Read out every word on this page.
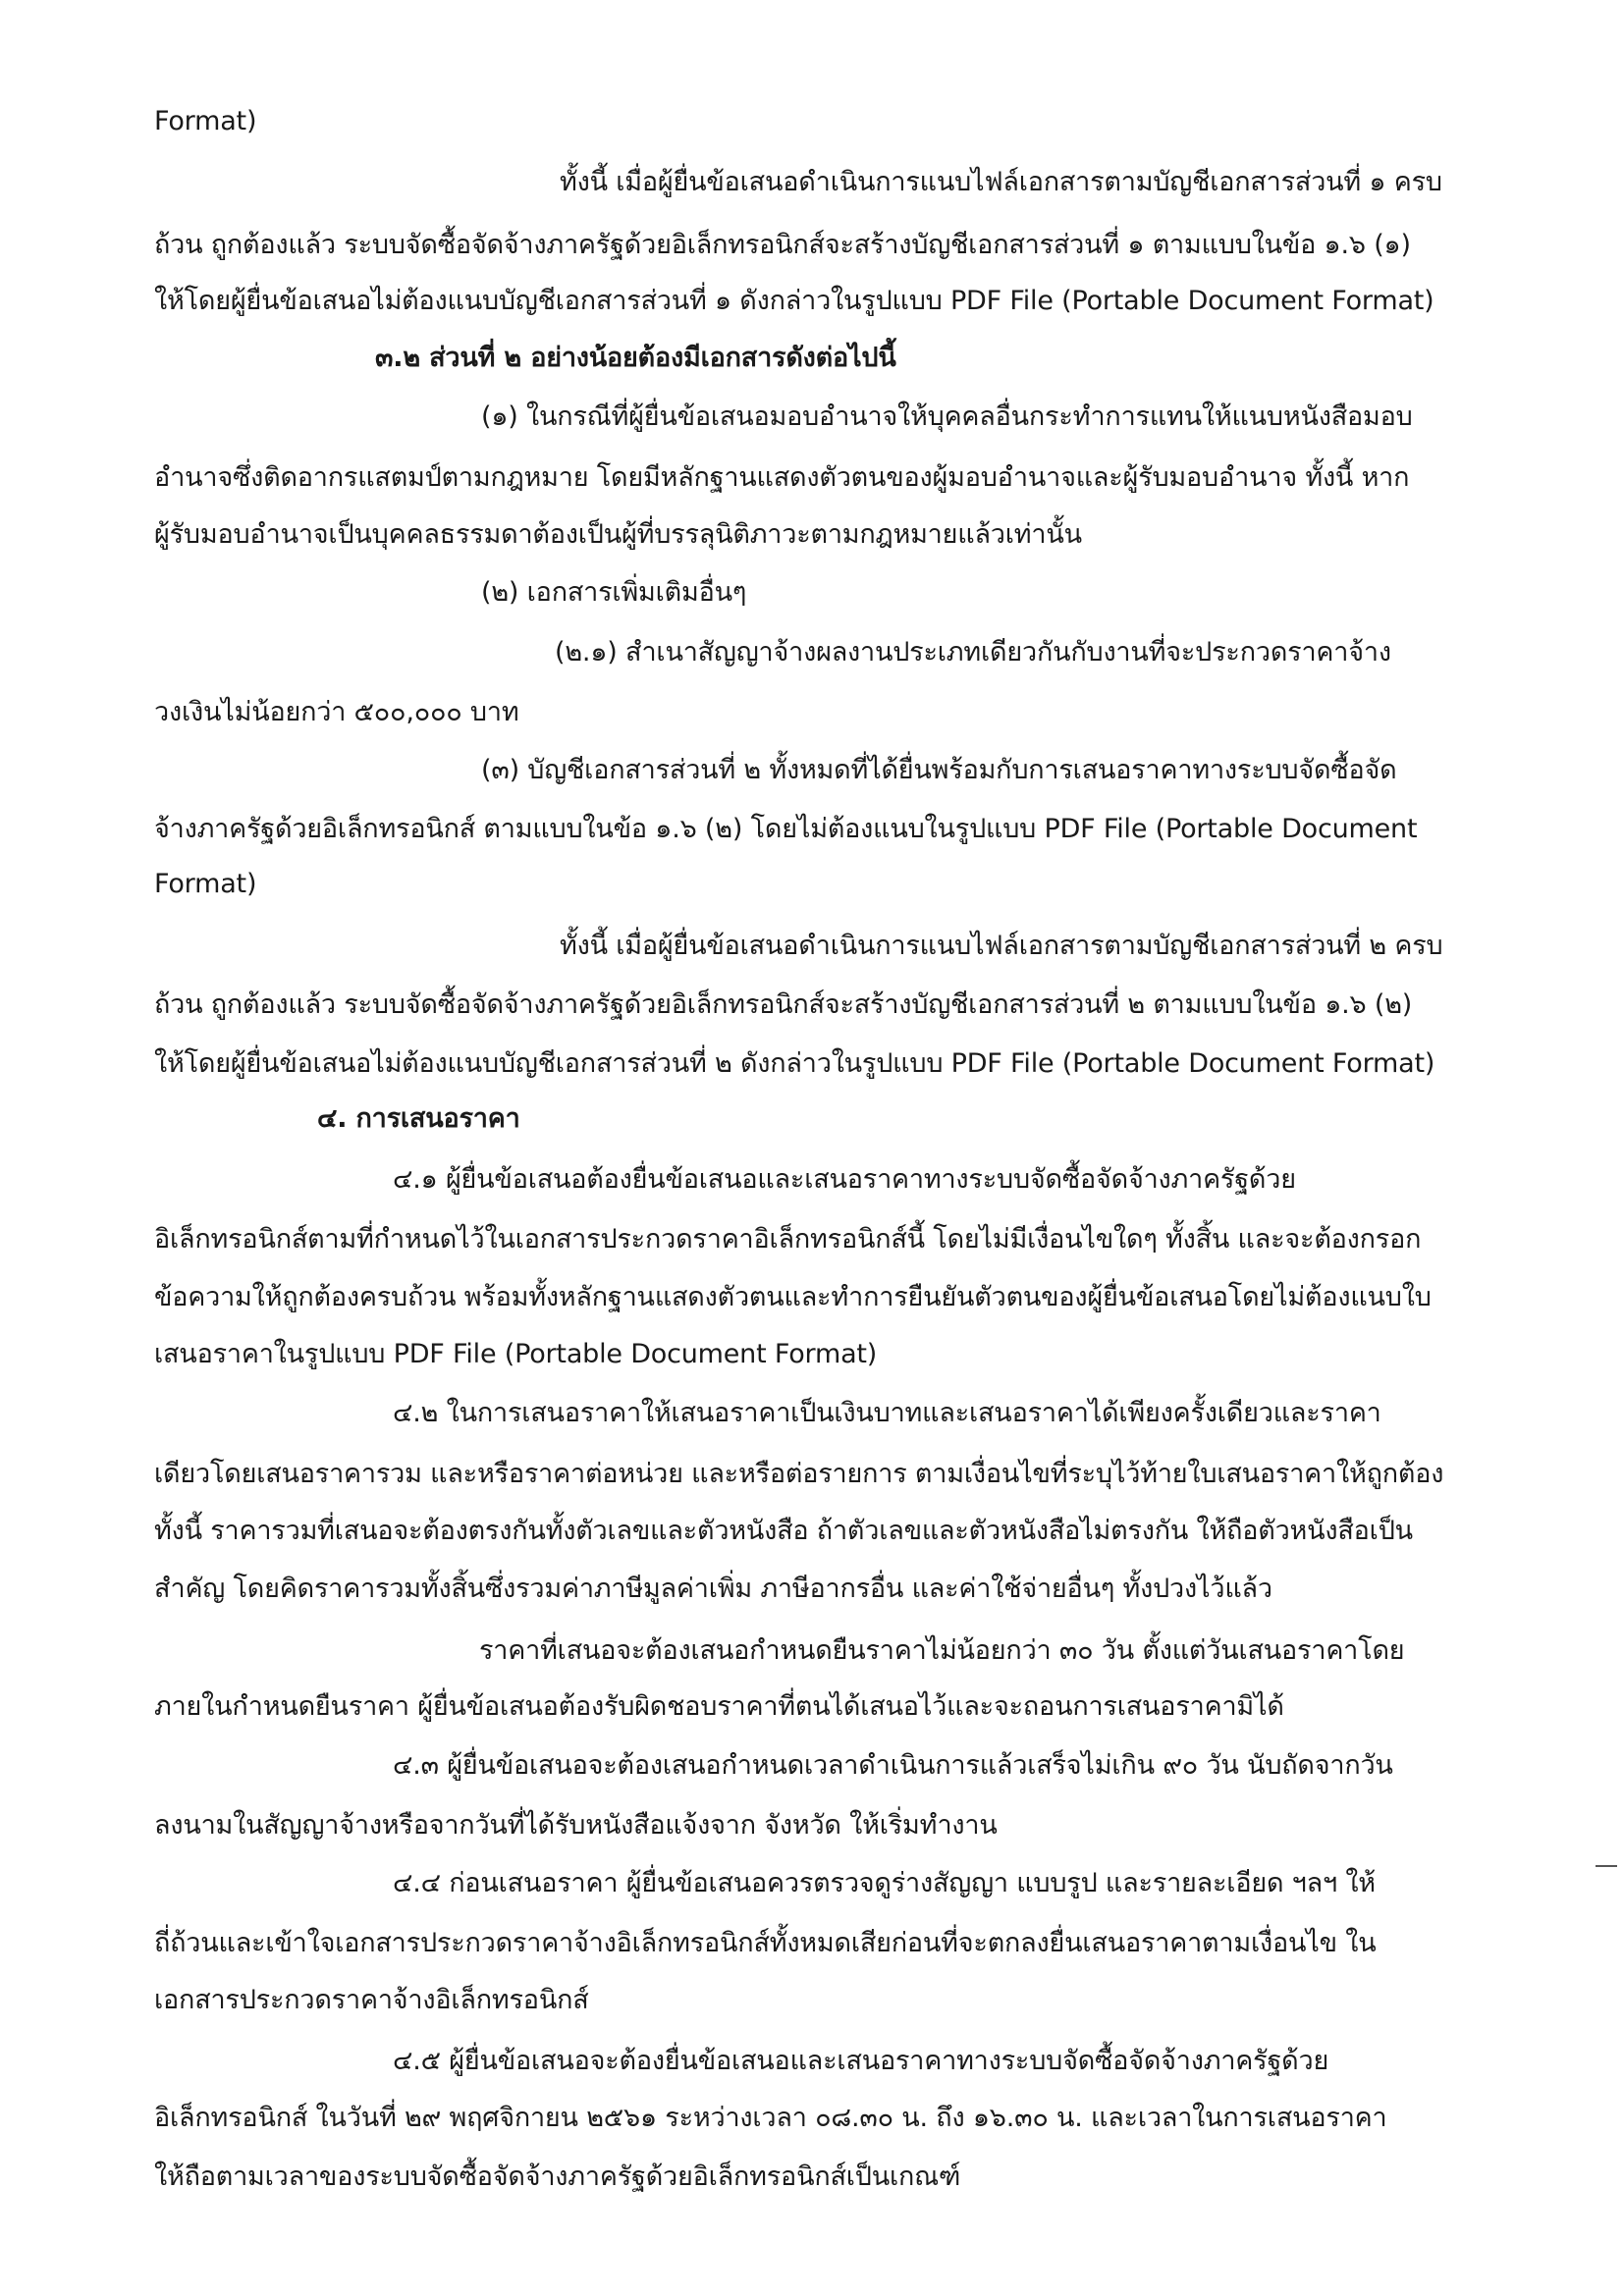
Format)
ทั้งนี้ เมื่อผู้ยื่นข้อเสนอดำเนินการแนบไฟล์เอกสารตามบัญชีเอกสารส่วนที่ ๑ ครบ
ถ้วน ถูกต้องแล้ว ระบบจัดซื้อจัดจ้างภาครัฐด้วยอิเล็กทรอนิกส์จะสร้างบัญชีเอกสารส่วนที่ ๑ ตามแบบในข้อ ๑.๖ (๑)
ให้โดยผู้ยื่นข้อเสนอไม่ต้องแนบบัญชีเอกสารส่วนที่ ๑ ดังกล่าวในรูปแบบ PDF File (Portable Document Format)
๓.๒ ส่วนที่ ๒ อย่างน้อยต้องมีเอกสารดังต่อไปนี้
(๑) ในกรณีที่ผู้ยื่นข้อเสนอมอบอำนาจให้บุคคลอื่นกระทำการแทนให้แนบหนังสือมอบ
อำนาจซึ่งติดอากรแสตมป์ตามกฎหมาย โดยมีหลักฐานแสดงตัวตนของผู้มอบอำนาจและผู้รับมอบอำนาจ ทั้งนี้ หาก
ผู้รับมอบอำนาจเป็นบุคคลธรรมดาต้องเป็นผู้ที่บรรลุนิติภาวะตามกฎหมายแล้วเท่านั้น
(๒) เอกสารเพิ่มเติมอื่นๆ
(๒.๑) สำเนาสัญญาจ้างผลงานประเภทเดียวกันกับงานที่จะประกวดราคาจ้าง
วงเงินไม่น้อยกว่า ๕๐๐,๐๐๐ บาท
(๓) บัญชีเอกสารส่วนที่ ๒ ทั้งหมดที่ได้ยื่นพร้อมกับการเสนอราคาทางระบบจัดซื้อจัด
จ้างภาครัฐด้วยอิเล็กทรอนิกส์ ตามแบบในข้อ ๑.๖ (๒) โดยไม่ต้องแนบในรูปแบบ PDF File (Portable Document
Format)
ทั้งนี้ เมื่อผู้ยื่นข้อเสนอดำเนินการแนบไฟล์เอกสารตามบัญชีเอกสารส่วนที่ ๒ ครบ
ถ้วน ถูกต้องแล้ว ระบบจัดซื้อจัดจ้างภาครัฐด้วยอิเล็กทรอนิกส์จะสร้างบัญชีเอกสารส่วนที่ ๒ ตามแบบในข้อ ๑.๖ (๒)
ให้โดยผู้ยื่นข้อเสนอไม่ต้องแนบบัญชีเอกสารส่วนที่ ๒ ดังกล่าวในรูปแบบ PDF File (Portable Document Format)
๔. การเสนอราคา
๔.๑ ผู้ยื่นข้อเสนอต้องยื่นข้อเสนอและเสนอราคาทางระบบจัดซื้อจัดจ้างภาครัฐด้วย
อิเล็กทรอนิกส์ตามที่กำหนดไว้ในเอกสารประกวดราคาอิเล็กทรอนิกส์นี้ โดยไม่มีเงื่อนไขใดๆ ทั้งสิ้น และจะต้องกรอก
ข้อความให้ถูกต้องครบถ้วน พร้อมทั้งหลักฐานแสดงตัวตนและทำการยืนยันตัวตนของผู้ยื่นข้อเสนอโดยไม่ต้องแนบใบ
เสนอราคาในรูปแบบ PDF File (Portable Document Format)
๔.๒ ในการเสนอราคาให้เสนอราคาเป็นเงินบาทและเสนอราคาได้เพียงครั้งเดียวและราคา
เดียวโดยเสนอราคารวม และหรือราคาต่อหน่วย และหรือต่อรายการ ตามเงื่อนไขที่ระบุไว้ท้ายใบเสนอราคาให้ถูกต้อง
ทั้งนี้ ราคารวมที่เสนอจะต้องตรงกันทั้งตัวเลขและตัวหนังสือ ถ้าตัวเลขและตัวหนังสือไม่ตรงกัน ให้ถือตัวหนังสือเป็น
สำคัญ โดยคิดราคารวมทั้งสิ้นซึ่งรวมค่าภาษีมูลค่าเพิ่ม ภาษีอากรอื่น และค่าใช้จ่ายอื่นๆ ทั้งปวงไว้แล้ว
ราคาที่เสนอจะต้องเสนอกำหนดยืนราคาไม่น้อยกว่า ๓๐ วัน ตั้งแต่วันเสนอราคาโดย
ภายในกำหนดยืนราคา ผู้ยื่นข้อเสนอต้องรับผิดชอบราคาที่ตนได้เสนอไว้และจะถอนการเสนอราคามิได้
๔.๓ ผู้ยื่นข้อเสนอจะต้องเสนอกำหนดเวลาดำเนินการแล้วเสร็จไม่เกิน ๙๐ วัน นับถัดจากวัน
ลงนามในสัญญาจ้างหรือจากวันที่ได้รับหนังสือแจ้งจาก จังหวัด ให้เริ่มทำงาน
๔.๔ ก่อนเสนอราคา ผู้ยื่นข้อเสนอควรตรวจดูร่างสัญญา แบบรูป และรายละเอียด ฯลฯ ให้
ถี่ถ้วนและเข้าใจเอกสารประกวดราคาจ้างอิเล็กทรอนิกส์ทั้งหมดเสียก่อนที่จะตกลงยื่นเสนอราคาตามเงื่อนไข ใน
เอกสารประกวดราคาจ้างอิเล็กทรอนิกส์
๔.๕ ผู้ยื่นข้อเสนอจะต้องยื่นข้อเสนอและเสนอราคาทางระบบจัดซื้อจัดจ้างภาครัฐด้วย
อิเล็กทรอนิกส์ ในวันที่ ๒๙ พฤศจิกายน ๒๕๖๑ ระหว่างเวลา ๐๘.๓๐ น. ถึง ๑๖.๓๐ น. และเวลาในการเสนอราคา
ให้ถือตามเวลาของระบบจัดซื้อจัดจ้างภาครัฐด้วยอิเล็กทรอนิกส์เป็นเกณฑ์
